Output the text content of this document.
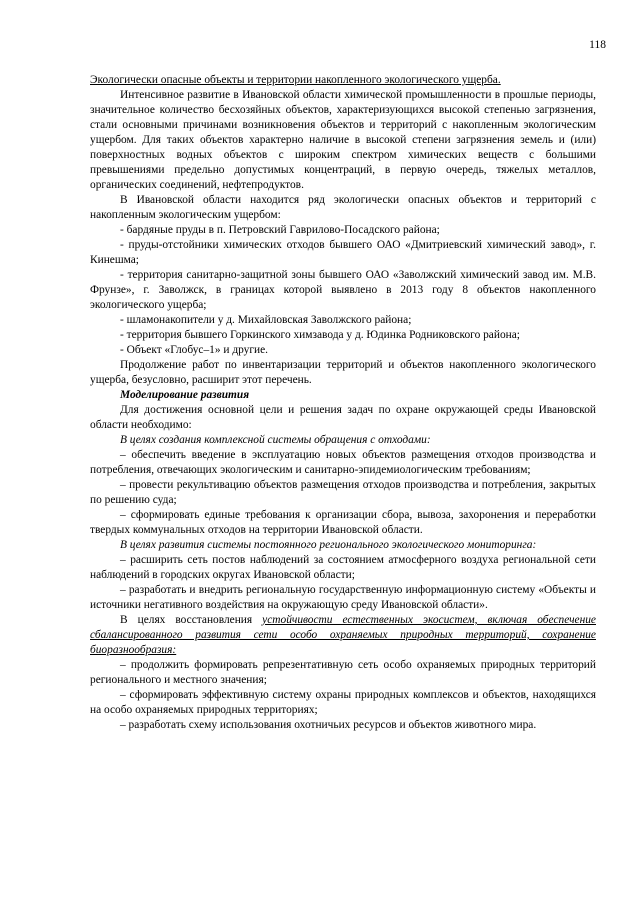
118

Экологически опасные объекты и территории накопленного экологического ущерба.

Интенсивное развитие в Ивановской области химической промышленности в прошлые периоды, значительное количество бесхозяйных объектов, характеризующихся высокой степенью загрязнения, стали основными причинами возникновения объектов и территорий с накопленным экологическим ущербом. Для таких объектов характерно наличие в высокой степени загрязнения земель и (или) поверхностных водных объектов с широким спектром химических веществ с большими превышениями предельно допустимых концентраций, в первую очередь, тяжелых металлов, органических соединений, нефтепродуктов.

В Ивановской области находится ряд экологически опасных объектов и территорий с накопленным экологическим ущербом:

- бардяные пруды в п. Петровский Гаврилово-Посадского района;

- пруды-отстойники химических отходов бывшего ОАО «Дмитриевский химический завод», г. Кинешма;

- территория санитарно-защитной зоны бывшего ОАО «Заволжский химический завод им. М.В. Фрунзе», г. Заволжск, в границах которой выявлено в 2013 году 8 объектов накопленного экологического ущерба;

- шламонакопители у д. Михайловская Заволжского района;

- территория бывшего Горкинского химзавода у д. Юдинка Родниковского района;

- Объект «Глобус–1» и другие.

Продолжение работ по инвентаризации территорий и объектов накопленного экологического ущерба, безусловно, расширит этот перечень.

Моделирование развития

Для достижения основной цели и решения задач по охране окружающей среды Ивановской области необходимо:

В целях создания комплексной системы обращения с отходами:

– обеспечить введение в эксплуатацию новых объектов размещения отходов производства и потребления, отвечающих экологическим и санитарно-эпидемиологическим требованиям;

– провести рекультивацию объектов размещения отходов производства и потребления, закрытых по решению суда;

– сформировать единые требования к организации сбора, вывоза, захоронения и переработки твердых коммунальных отходов на территории Ивановской области.

В целях развития системы постоянного регионального экологического мониторинга:

– расширить сеть постов наблюдений за состоянием атмосферного воздуха региональной сети наблюдений в городских округах Ивановской области;

– разработать и внедрить региональную государственную информационную систему «Объекты и источники негативного воздействия на окружающую среду Ивановской области».

В целях восстановления устойчивости естественных экосистем, включая обеспечение сбалансированного развития сети особо охраняемых природных территорий, сохранение биоразнообразия:

– продолжить формировать репрезентативную сеть особо охраняемых природных территорий регионального и местного значения;

– сформировать эффективную систему охраны природных комплексов и объектов, находящихся на особо охраняемых природных территориях;

– разработать схему использования охотничьих ресурсов и объектов животного мира.
